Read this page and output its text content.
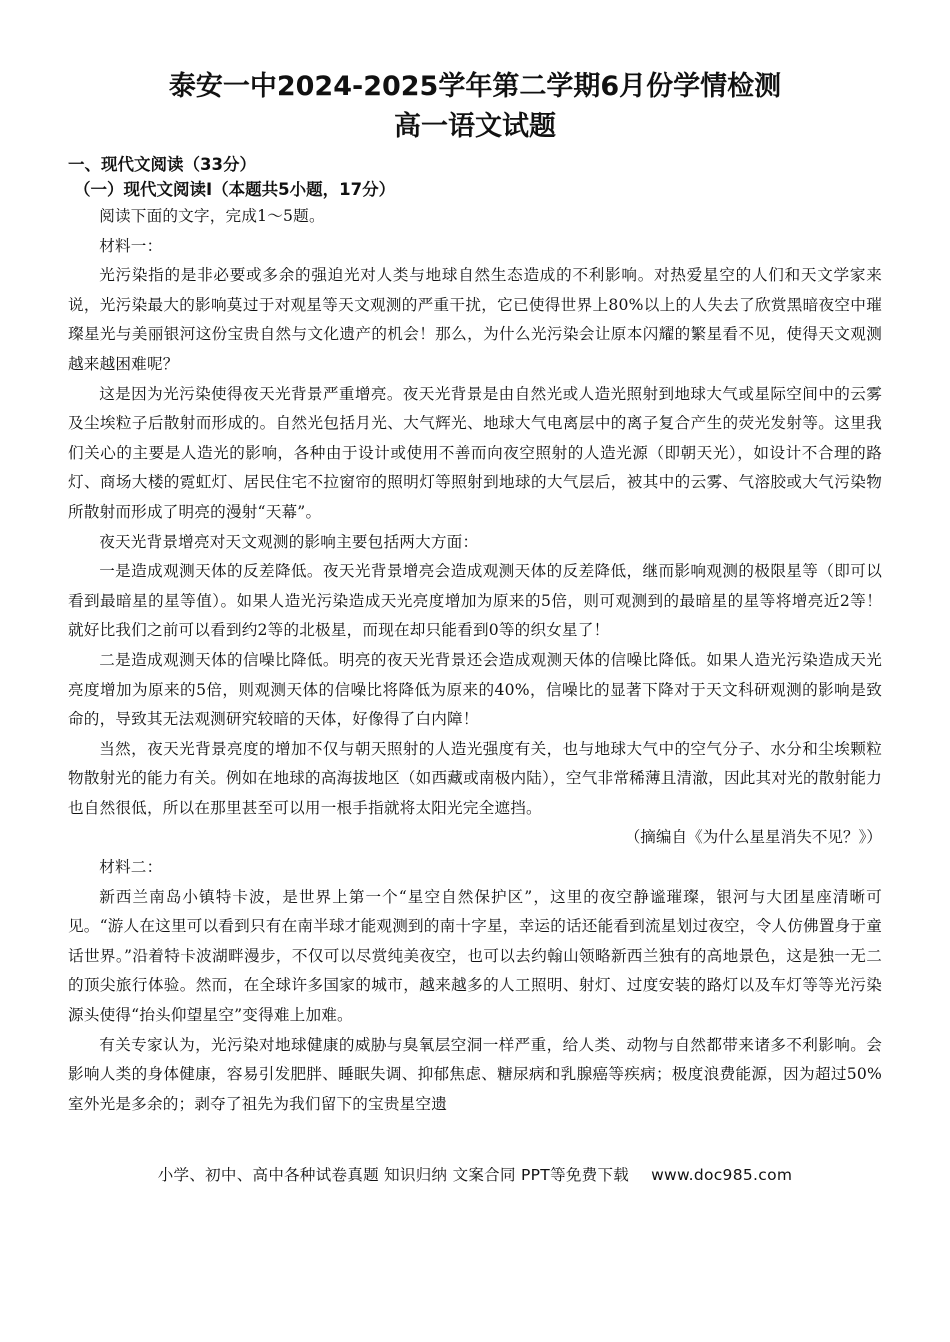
泰安一中2024-2025学年第二学期6月份学情检测
高一语文试题

一、现代文阅读（33分）

（一）现代文阅读Ⅰ（本题共5小题，17分）

阅读下面的文字，完成1～5题。

材料一：

光污染指的是非必要或多余的强迫光对人类与地球自然生态造成的不利影响。对热爱星空的人们和天文学家来说，光污染最大的影响莫过于对观星等天文观测的严重干扰，它已使得世界上80%以上的人失去了欣赏黑暗夜空中璀璨星光与美丽银河这份宝贵自然与文化遗产的机会！那么，为什么光污染会让原本闪耀的繁星看不见，使得天文观测越来越困难呢？

这是因为光污染使得夜天光背景严重增亮。夜天光背景是由自然光或人造光照射到地球大气或星际空间中的云雾及尘埃粒子后散射而形成的。自然光包括月光、大气辉光、地球大气电离层中的离子复合产生的荧光发射等。这里我们关心的主要是人造光的影响，各种由于设计或使用不善而向夜空照射的人造光源（即朝天光），如设计不合理的路灯、商场大楼的霓虹灯、居民住宅不拉窗帘的照明灯等照射到地球的大气层后，被其中的云雾、气溶胶或大气污染物所散射而形成了明亮的漫射“天幕”。

夜天光背景增亮对天文观测的影响主要包括两大方面：

一是造成观测天体的反差降低。夜天光背景增亮会造成观测天体的反差降低，继而影响观测的极限星等（即可以看到最暗星的星等值）。如果人造光污染造成天光亮度增加为原来的5倍，则可观测到的最暗星的星等将增亮近2等！就好比我们之前可以看到约2等的北极星，而现在却只能看到0等的织女星了！

二是造成观测天体的信噪比降低。明亮的夜天光背景还会造成观测天体的信噪比降低。如果人造光污染造成天光亮度增加为原来的5倍，则观测天体的信噪比将降低为原来的40%，信噪比的显著下降对于天文科研观测的影响是致命的，导致其无法观测研究较暗的天体，好像得了白内障！

当然，夜天光背景亮度的增加不仅与朝天照射的人造光强度有关，也与地球大气中的空气分子、水分和尘埃颗粒物散射光的能力有关。例如在地球的高海拔地区（如西藏或南极内陆），空气非常稀薄且清澈，因此其对光的散射能力也自然很低，所以在那里甚至可以用一根手指就将太阳光完全遮挡。

（摘编自《为什么星星消失不见？》）

材料二：

新西兰南岛小镇特卡波，是世界上第一个“星空自然保护区”，这里的夜空静谧璀璨，银河与大团星座清晰可见。“游人在这里可以看到只有在南半球才能观测到的南十字星，幸运的话还能看到流星划过夜空，令人仿佛置身于童话世界。”沿着特卡波湖畔漫步，不仅可以尽赏纯美夜空，也可以去约翰山领略新西兰独有的高地景色，这是独一无二的顶尖旅行体验。然而，在全球许多国家的城市，越来越多的人工照明、射灯、过度安装的路灯以及车灯等等光污染源头使得“抬头仰望星空”变得难上加难。

有关专家认为，光污染对地球健康的威胁与臭氧层空洞一样严重，给人类、动物与自然都带来诸多不利影响。会影响人类的身体健康，容易引发肥胖、睡眠失调、抑郁焦虑、糖尿病和乳腺癌等疾病；极度浪费能源，因为超过50%室外光是多余的；剥夺了祖先为我们留下的宝贵星空遗

小学、初中、高中各种试卷真题 知识归纳 文案合同 PPT等免费下载 www.doc985.com
